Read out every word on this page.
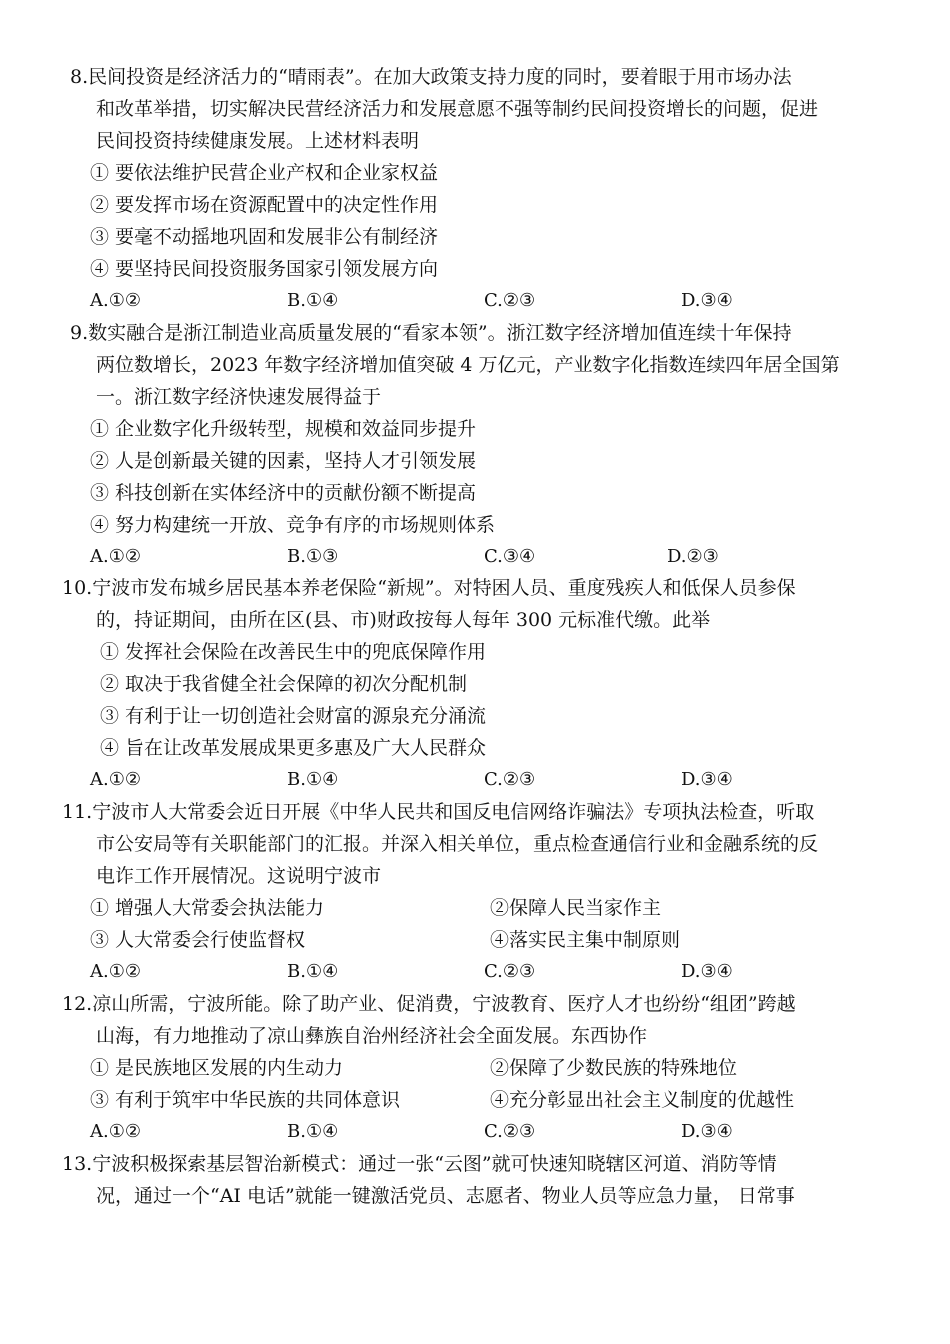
8.民间投资是经济活力的“晴雨表”。在加大政策支持力度的同时，要着眼于用市场办法
和改革举措，切实解决民营经济活力和发展意愿不强等制约民间投资增长的问题，促进
民间投资持续健康发展。上述材料表明
① 要依法维护民营企业产权和企业家权益
② 要发挥市场在资源配置中的决定性作用
③ 要毫不动摇地巩固和发展非公有制经济
④ 要坚持民间投资服务国家引领发展方向
A.①②	B.①④	C.②③	D.③④
9.数实融合是浙江制造业高质量发展的“看家本领”。浙江数字经济增加值连续十年保持
两位数增长，2023 年数字经济增加值突破 4 万亿元，产业数字化指数连续四年居全国第
一。浙江数字经济快速发展得益于
① 企业数字化升级转型，规模和效益同步提升
② 人是创新最关键的因素，坚持人才引领发展
③ 科技创新在实体经济中的贡献份额不断提高
④ 努力构建统一开放、竞争有序的市场规则体系
A.①②	B.①③	C.③④	D.②③
10.宁波市发布城乡居民基本养老保险“新规”。对特困人员、重度残疾人和低保人员参保
的，持证期间，由所在区(县、市)财政按每人每年 300 元标准代缴。此举
① 发挥社会保险在改善民生中的兜底保障作用
② 取决于我省健全社会保障的初次分配机制
③ 有利于让一切创造社会财富的源泉充分涌流
④ 旨在让改革发展成果更多惠及广大人民群众
A.①②	B.①④	C.②③	D.③④
11.宁波市人大常委会近日开展《中华人民共和国反电信网络诈骗法》专项执法检查，听取
市公安局等有关职能部门的汇报。并深入相关单位，重点检查通信行业和金融系统的反
电诈工作开展情况。这说明宁波市
① 增强人大常委会执法能力	②保障人民当家作主
③ 人大常委会行使监督权	④落实民主集中制原则
A.①②	B.①④	C.②③	D.③④
12.凉山所需，宁波所能。除了助产业、促消费，宁波教育、医疗人才也纷纷“组团”跨越
山海，有力地推动了凉山彝族自治州经济社会全面发展。东西协作
① 是民族地区发展的内生动力	②保障了少数民族的特殊地位
③ 有利于筑牢中华民族的共同体意识	④充分彰显出社会主义制度的优越性
A.①②	B.①④	C.②③	D.③④
13.宁波积极探索基层智治新模式：通过一张“云图”就可快速知晓辖区河道、消防等情
况，通过一个“AI 电话”就能一键激活党员、志愿者、物业人员等应急力量， 日常事
